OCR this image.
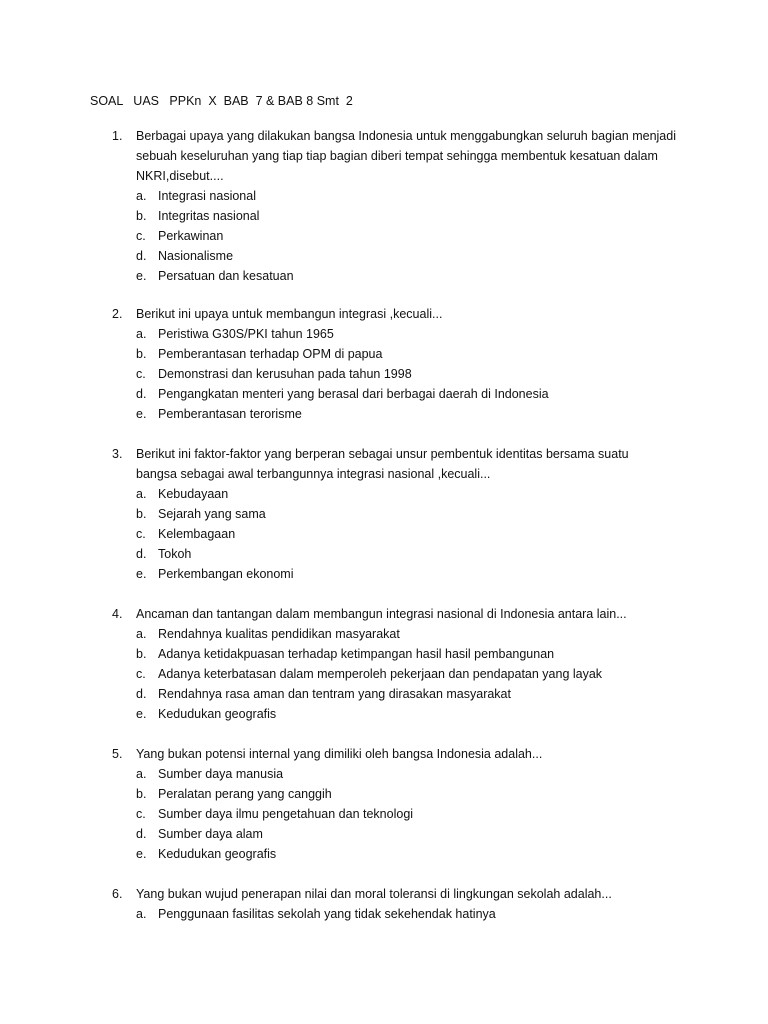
SOAL   UAS   PPKn  X  BAB  7 & BAB 8 Smt  2
1. Berbagai upaya yang dilakukan bangsa Indonesia untuk menggabungkan seluruh bagian menjadi
sebuah keseluruhan yang tiap tiap bagian diberi tempat sehingga membentuk kesatuan dalam
NKRI,disebut....
a. Integrasi nasional
b. Integritas nasional
c. Perkawinan
d. Nasionalisme
e. Persatuan dan kesatuan
2. Berikut ini upaya untuk membangun integrasi ,kecuali...
a. Peristiwa G30S/PKI tahun 1965
b. Pemberantasan terhadap OPM di papua
c. Demonstrasi dan kerusuhan pada tahun 1998
d. Pengangkatan menteri yang berasal dari berbagai daerah di Indonesia
e. Pemberantasan terorisme
3. Berikut ini faktor-faktor yang berperan sebagai unsur pembentuk identitas bersama suatu
bangsa sebagai awal terbangunnya integrasi nasional ,kecuali...
a. Kebudayaan
b. Sejarah yang sama
c. Kelembagaan
d. Tokoh
e. Perkembangan ekonomi
4. Ancaman dan tantangan dalam membangun integrasi nasional di Indonesia antara lain...
a. Rendahnya kualitas pendidikan masyarakat
b. Adanya ketidakpuasan terhadap ketimpangan hasil hasil pembangunan
c. Adanya keterbatasan dalam memperoleh pekerjaan dan pendapatan yang layak
d. Rendahnya rasa aman dan tentram yang dirasakan masyarakat
e. Kedudukan geografis
5. Yang bukan potensi internal yang dimiliki oleh bangsa Indonesia adalah...
a. Sumber daya manusia
b. Peralatan perang yang canggih
c. Sumber daya ilmu pengetahuan dan teknologi
d. Sumber daya alam
e. Kedudukan geografis
6. Yang bukan wujud penerapan nilai dan moral toleransi di lingkungan sekolah adalah...
a. Penggunaan fasilitas sekolah yang tidak sekehendak hatinya
